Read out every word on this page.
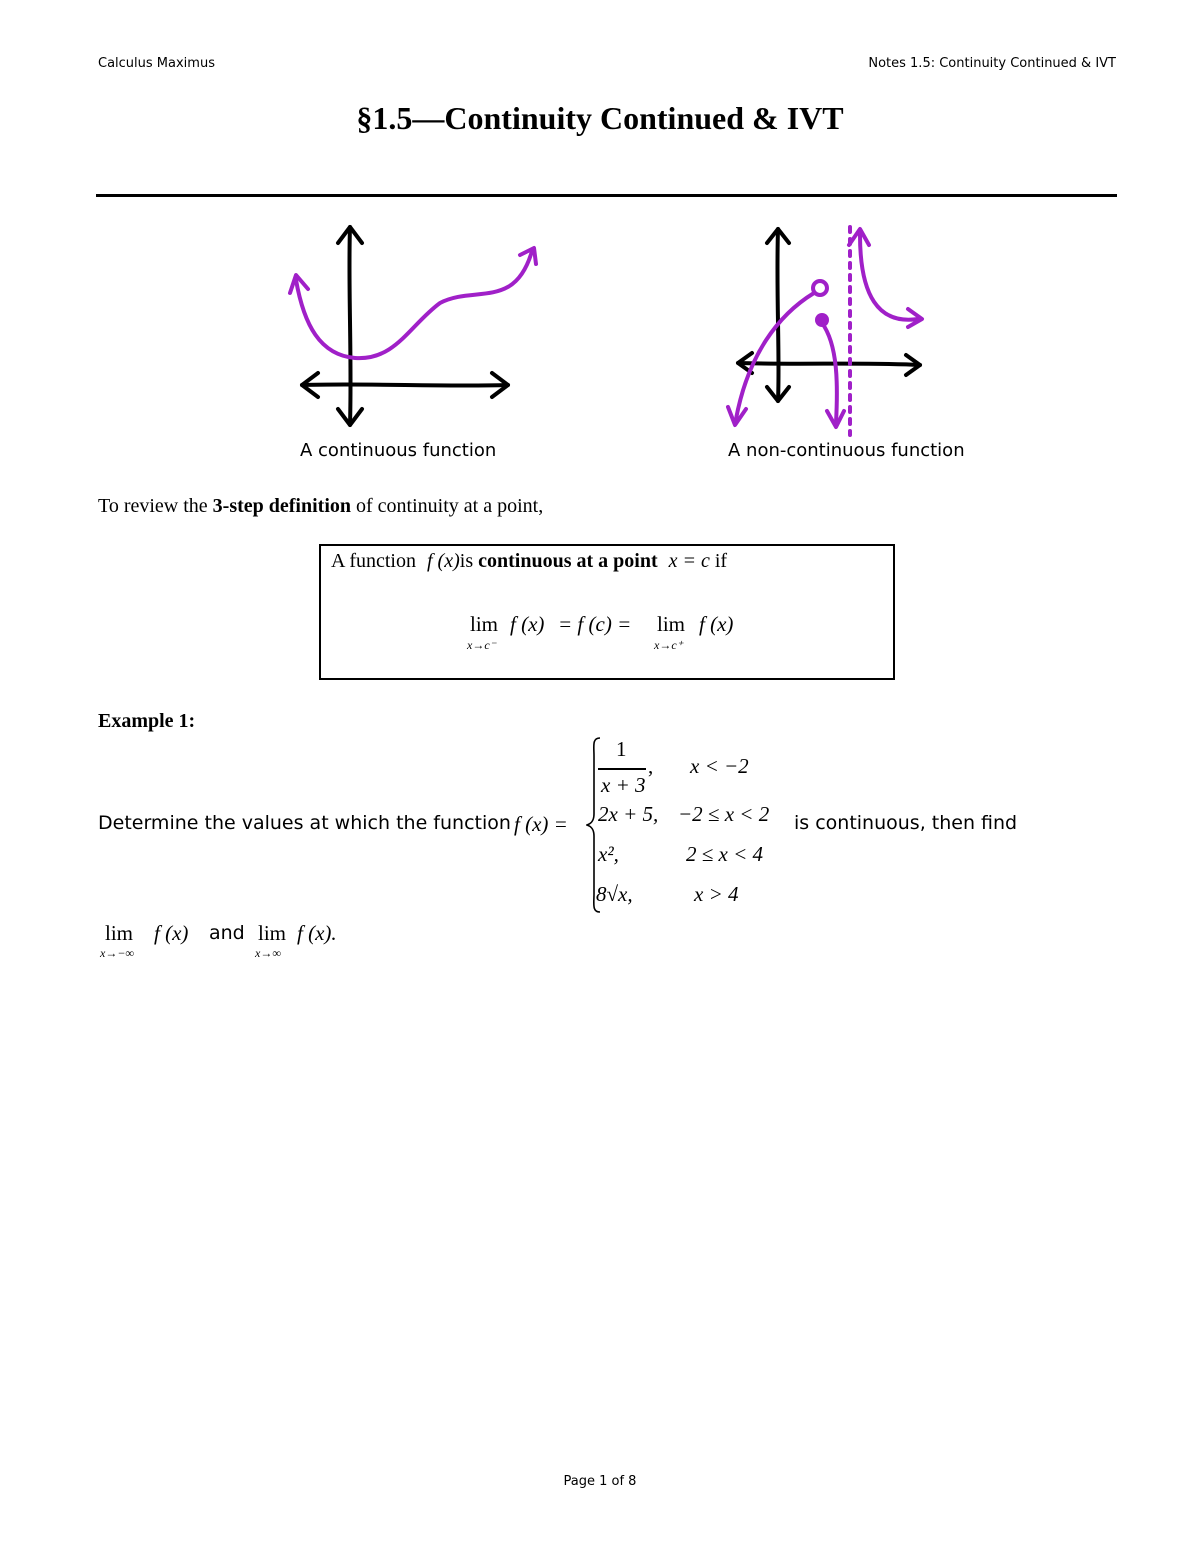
Calculus Maximus	Notes 1.5: Continuity Continued & IVT
§1.5—Continuity Continued & IVT
A continuous function	A non-continuous function
To review the 3-step definition of continuity at a point,
A function f (x)is continuous at a point x = c if
lim
x→c⁻
f (x) = f (c) = lim
x→c⁺
f (x)
Example 1:
Determine the values at which the function f (x) =
1
x + 3
, x < −2
2x + 5, −2 ≤ x < 2
x²,	2 ≤ x < 4
8√x,	x > 4
is continuous, then find
lim
x→−∞
f (x) and lim
x→∞
f (x).
Page 1 of 8
